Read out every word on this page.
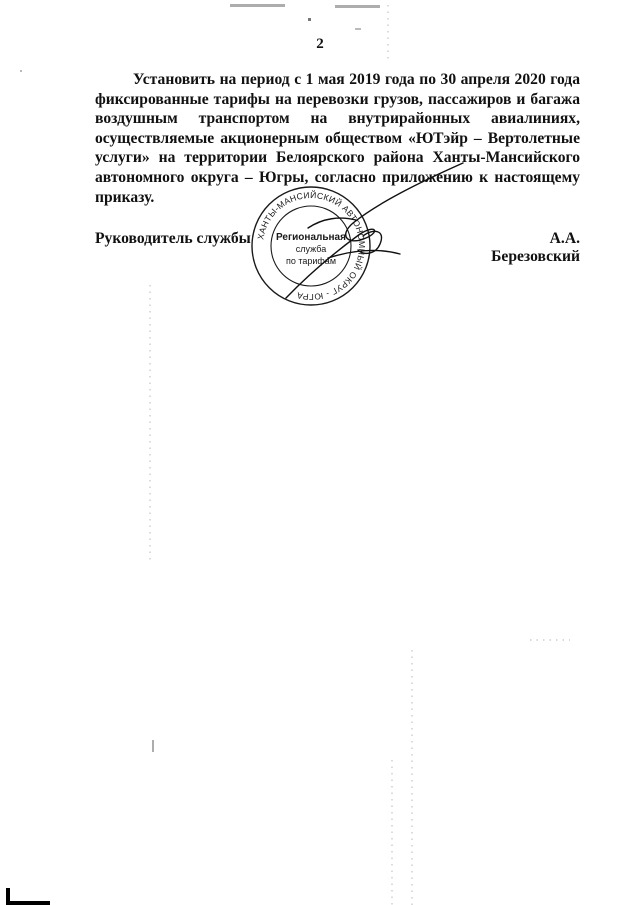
2

Установить на период с 1 мая 2019 года по 30 апреля 2020 года фиксированные тарифы на перевозки грузов, пассажиров и багажа воздушным транспортом на внутрирайонных авиалиниях, осуществляемые акционерным обществом «ЮТэйр – Вертолетные услуги» на территории Белоярского района Ханты-Мансийского автономного округа – Югры, согласно приложению к настоящему приказу.

Руководитель службы ХАНТЫ-МАНСИЙСКИЙ АВТОНОМНЫЙ ОКРУГ - ЮГРА
Региональная
служба
по тарифам
А.А. Березовский
